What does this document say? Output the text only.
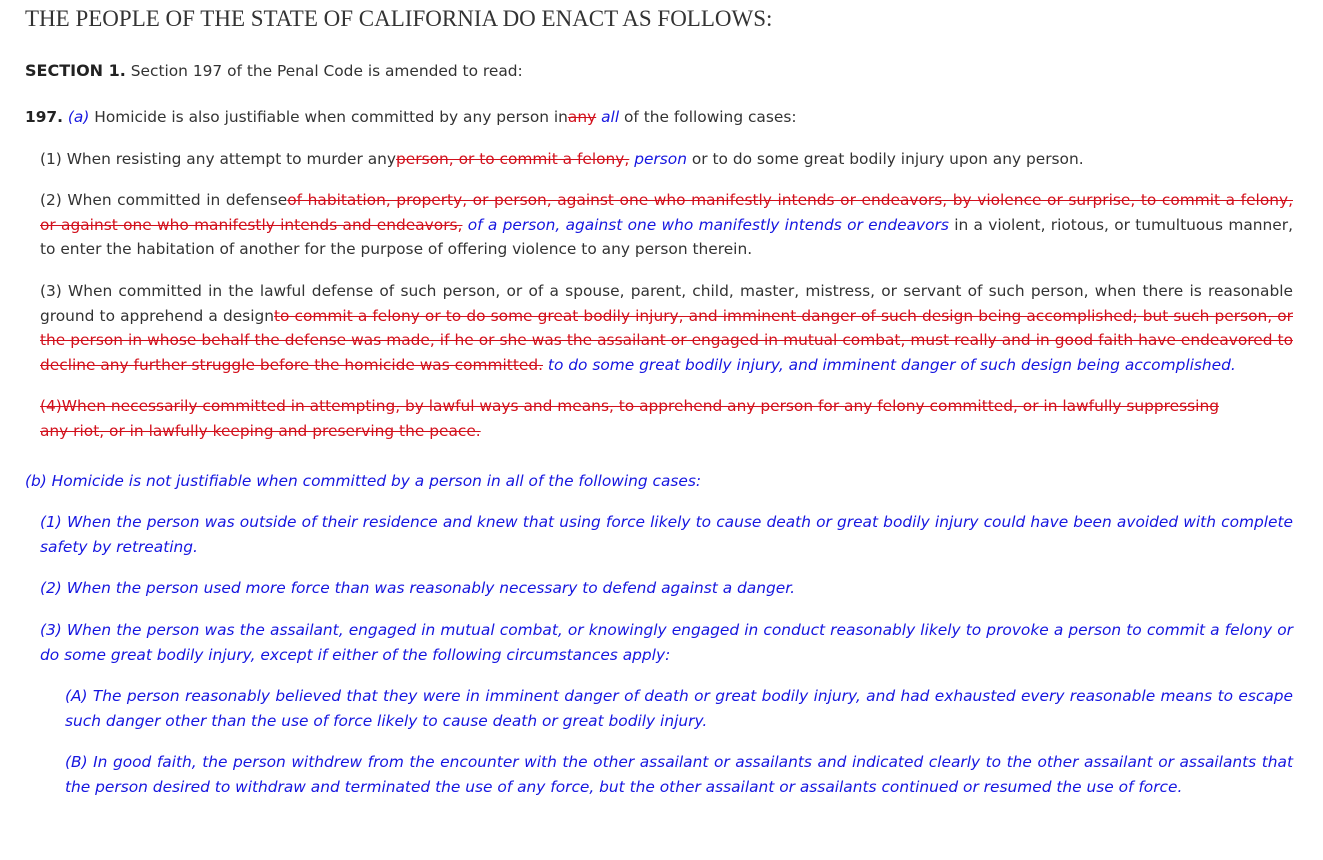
THE PEOPLE OF THE STATE OF CALIFORNIA DO ENACT AS FOLLOWS:
SECTION 1. Section 197 of the Penal Code is amended to read:

197. (a) Homicide is also justifiable when committed by any person inany all of the following cases:

(1) When resisting any attempt to murder anyperson, or to commit a felony, person or to do some great bodily injury upon any person.

(2) When committed in defenseof habitation, property, or person, against one who manifestly intends or endeavors, by violence or surprise, to commit a felony, or against one who manifestly intends and endeavors, of a person, against one who manifestly intends or endeavors in a violent, riotous, or tumultuous manner, to enter the habitation of another for the purpose of offering violence to any person therein.

(3) When committed in the lawful defense of such person, or of a spouse, parent, child, master, mistress, or servant of such person, when there is reasonable ground to apprehend a designto commit a felony or to do some great bodily injury, and imminent danger of such design being accomplished; but such person, or the person in whose behalf the defense was made, if he or she was the assailant or engaged in mutual combat, must really and in good faith have endeavored to decline any further struggle before the homicide was committed. to do some great bodily injury, and imminent danger of such design being accomplished.

(4)When necessarily committed in attempting, by lawful ways and means, to apprehend any person for any felony committed, or in lawfully suppressing any riot, or in lawfully keeping and preserving the peace.

(b) Homicide is not justifiable when committed by a person in all of the following cases:

(1) When the person was outside of their residence and knew that using force likely to cause death or great bodily injury could have been avoided with complete safety by retreating.

(2) When the person used more force than was reasonably necessary to defend against a danger.

(3) When the person was the assailant, engaged in mutual combat, or knowingly engaged in conduct reasonably likely to provoke a person to commit a felony or do some great bodily injury, except if either of the following circumstances apply:

(A) The person reasonably believed that they were in imminent danger of death or great bodily injury, and had exhausted every reasonable means to escape such danger other than the use of force likely to cause death or great bodily injury.

(B) In good faith, the person withdrew from the encounter with the other assailant or assailants and indicated clearly to the other assailant or assailants that the person desired to withdraw and terminated the use of any force, but the other assailant or assailants continued or resumed the use of force.
